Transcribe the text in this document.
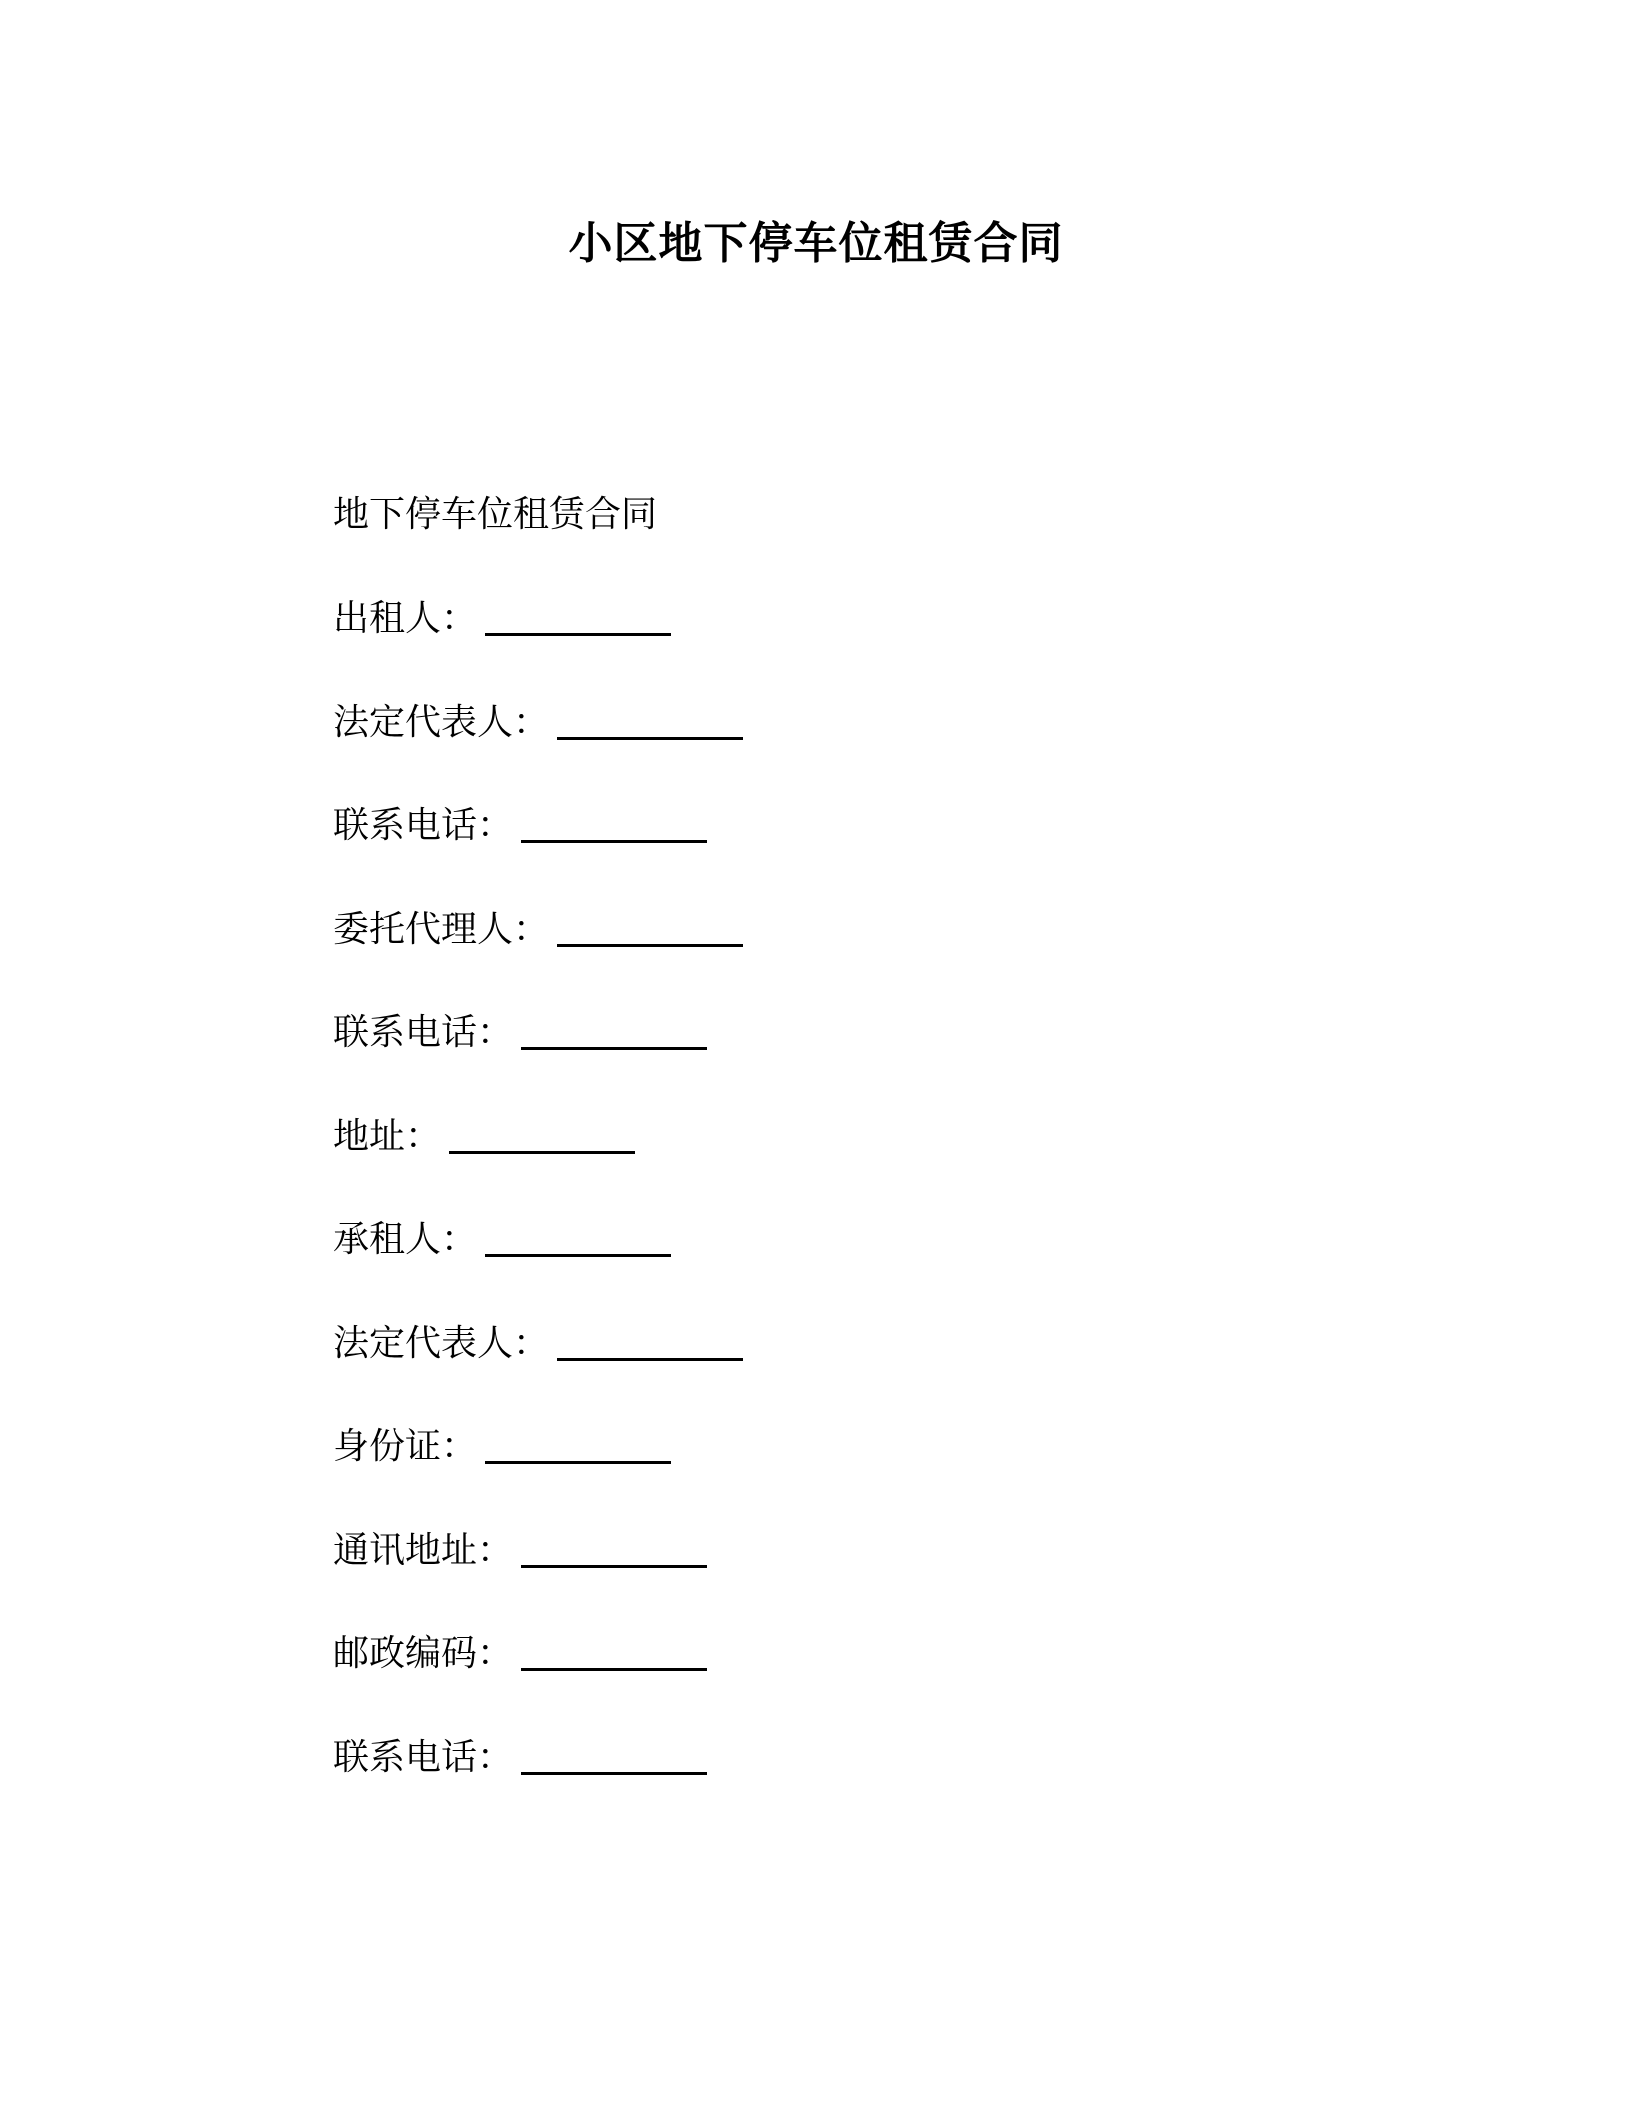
小区地下停车位租赁合同
地下停车位租赁合同
出租人：
法定代表人：
联系电话：
委托代理人：
联系电话：
地址：
承租人：
法定代表人：
身份证：
通讯地址：
邮政编码：
联系电话：
